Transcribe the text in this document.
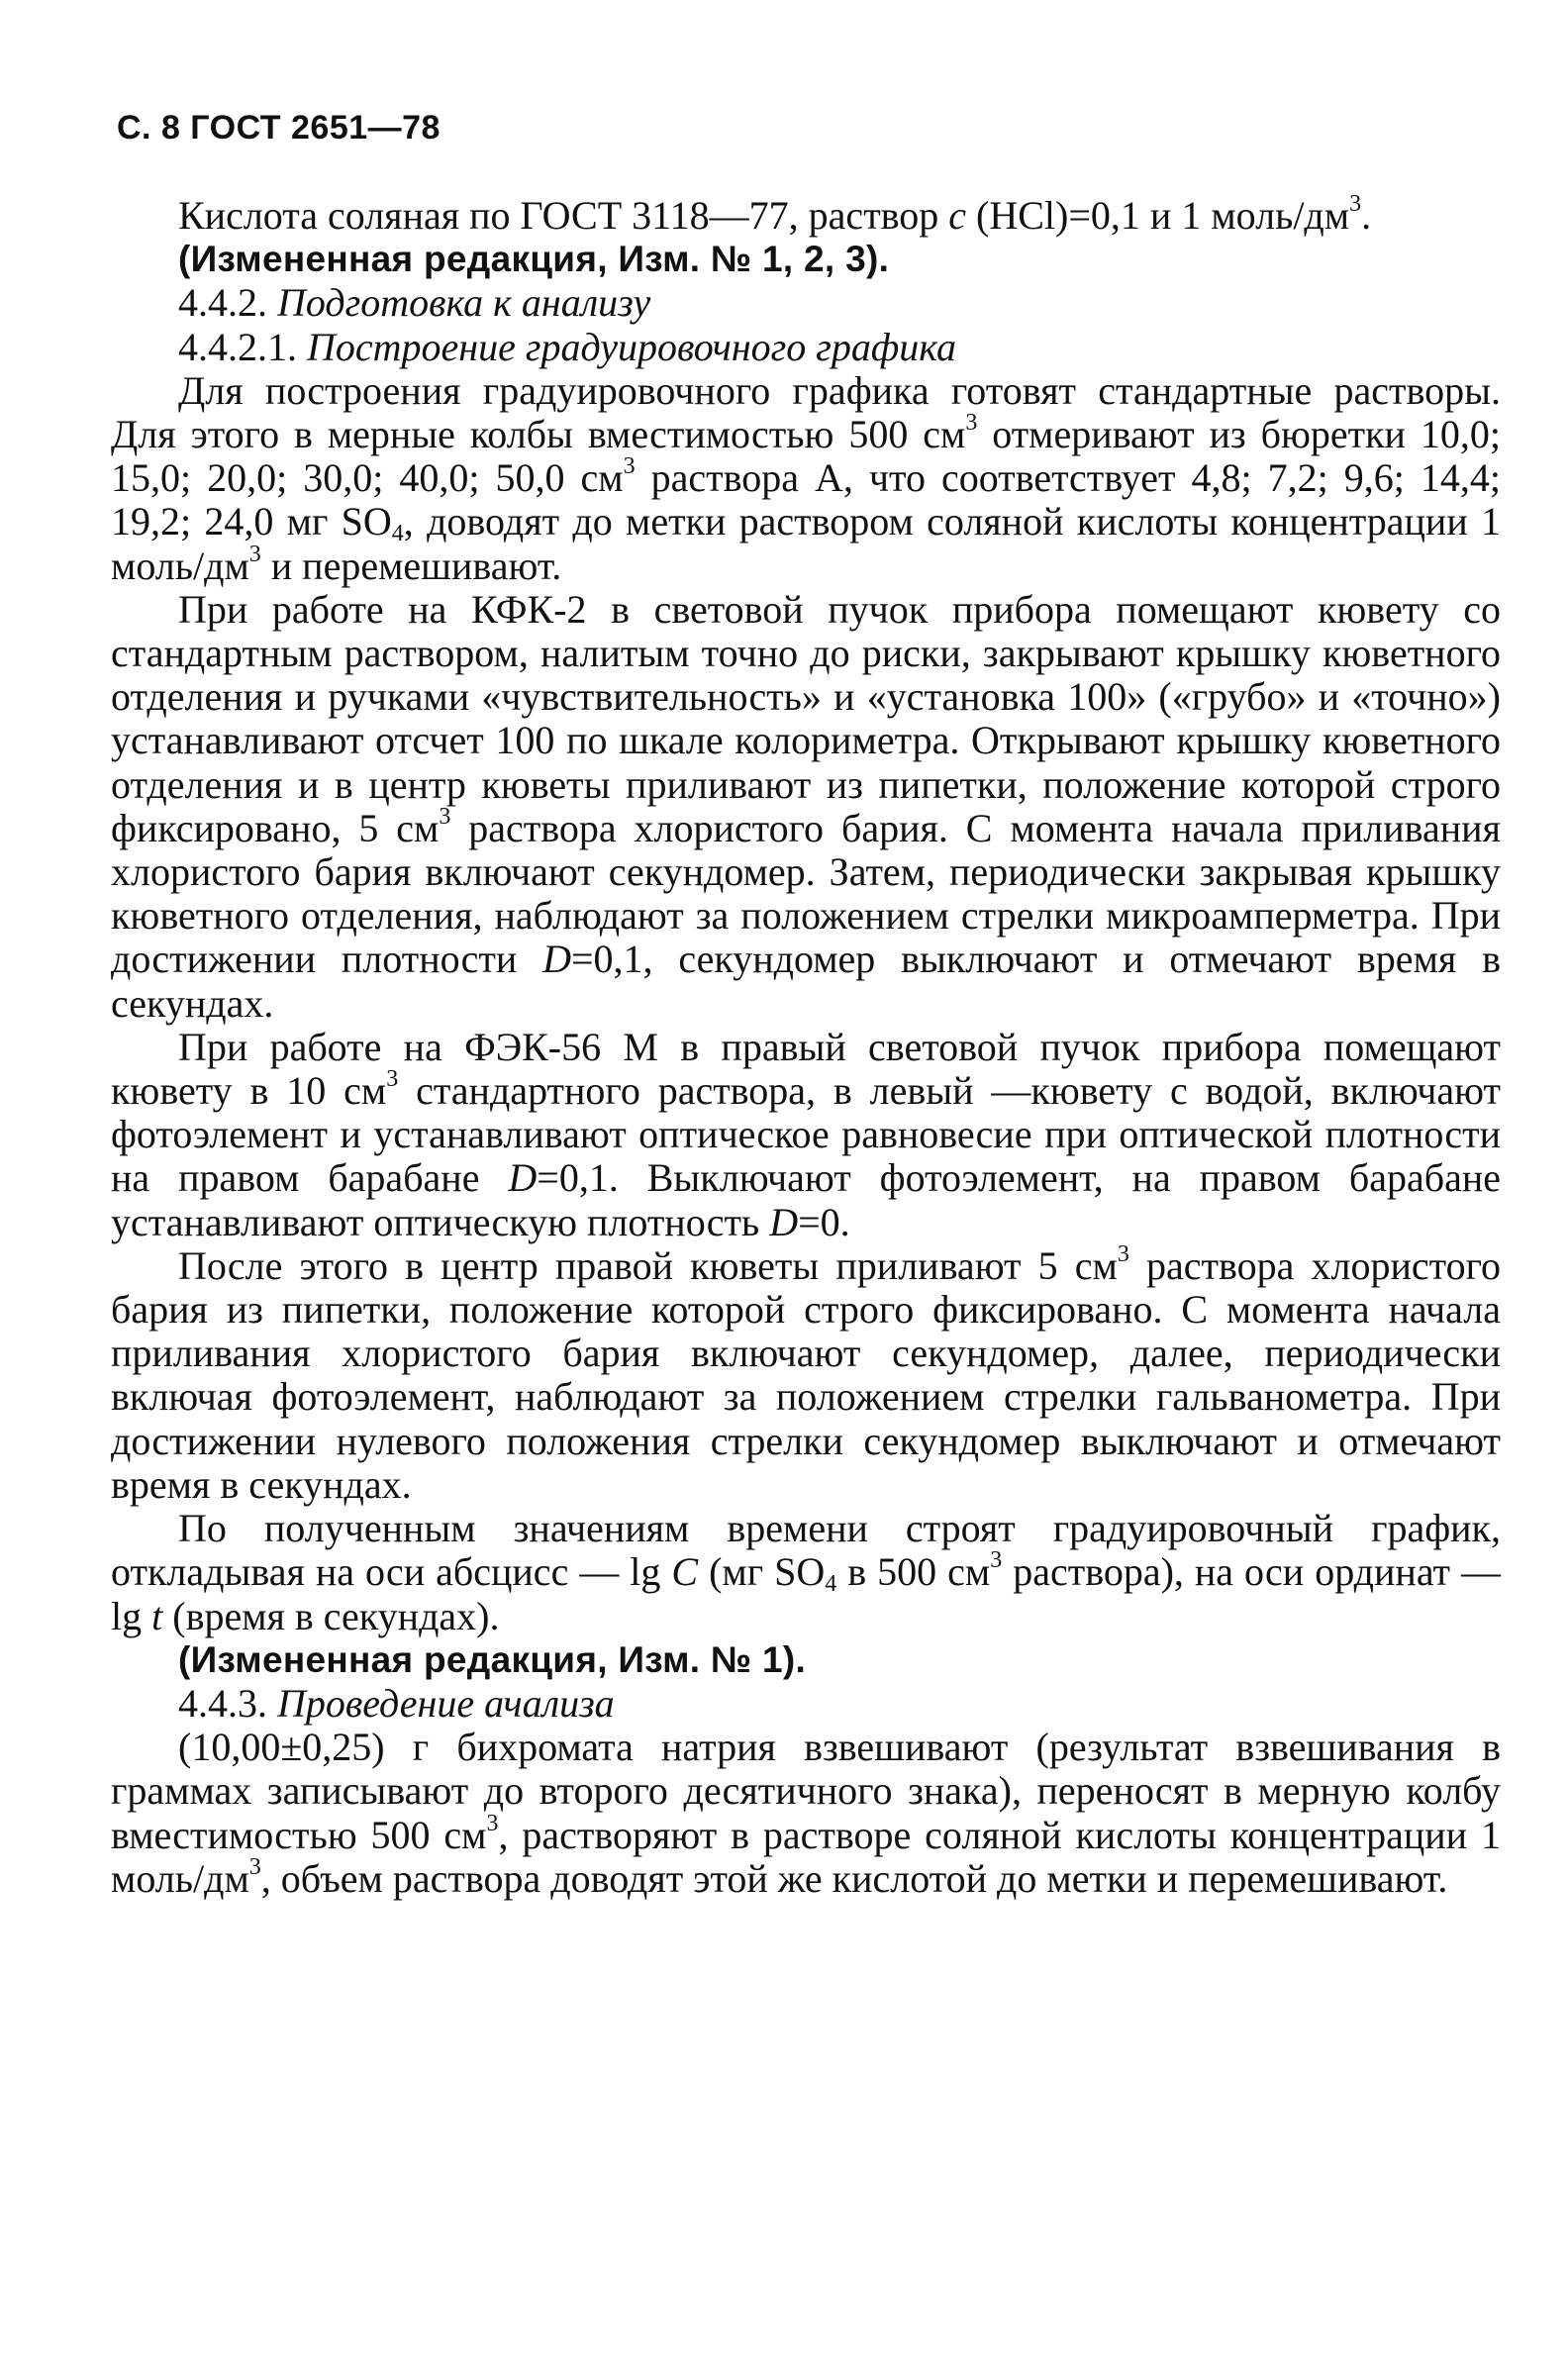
С. 8 ГОСТ 2651—78

Кислота соляная по ГОСТ 3118—77, раствор с (НСl)=0,1 и 1 моль/$дм^3$.

(Измененная редакция, Изм. № 1, 2, 3).

4.4.2. Подготовка к анализу

4.4.2.1. Построение градуировочного графика

Для построения градуировочного графика готовят стандартные растворы. Для этого в мерные колбы вместимостью 500 $см^3$ отмеривают из бюретки 10,0; 15,0; 20,0; 30,0; 40,0; 50,0 $см^3$ раствора А, что соответствует 4,8; 7,2; 9,6; 14,4; 19,2; 24,0 мг $SO_4$, доводят до метки раствором соляной кислоты концентрации 1 моль/$дм^3$ и перемешивают.

При работе на КФК-2 в световой пучок прибора помещают кювету со стандартным раствором, налитым точно до риски, закрывают крышку кюветного отделения и ручками «чувствительность» и «установка 100» («грубо» и «точно») устанавливают отсчет 100 по шкале колориметра. Открывают крышку кюветного отделения и в центр кюветы приливают из пипетки, положение которой строго фиксировано, 5 $см^3$ раствора хлористого бария. С момента начала приливания хлористого бария включают секундомер. Затем, периодически закрывая крышку кюветного отделения, наблюдают за положением стрелки микроамперметра. При достижении плотности D=0,1, секундомер выключают и отмечают время в секундах.

При работе на ФЭК-56 М в правый световой пучок прибора помещают кювету в 10 $см^3$ стандартного раствора, в левый —кювету с водой, включают фотоэлемент и устанавливают оптическое равновесие при оптической плотности на правом барабане D=0,1. Выключают фотоэлемент, на правом барабане устанавливают оптическую плотность D=0.

После этого в центр правой кюветы приливают 5 $см^3$ раствора хлористого бария из пипетки, положение которой строго фиксировано. С момента начала приливания хлористого бария включают секундомер, далее, периодически включая фотоэлемент, наблюдают за положением стрелки гальванометра. При достижении нулевого положения стрелки секундомер выключают и отмечают время в секундах.

По полученным значениям времени строят градуировочный график, откладывая на оси абсцисс — lg C (мг $SO_4$ в 500 $см^3$ раствора), на оси ординат — lg t (время в секундах).

(Измененная редакция, Изм. № 1).

4.4.3. Проведение ачализа

(10,00±0,25) г бихромата натрия взвешивают (результат взвешивания в граммах записывают до второго десятичного знака), переносят в мерную колбу вместимостью 500 $см^3$, растворяют в растворе соляной кислоты концентрации 1 моль/$дм^3$, объем раствора доводят этой же кислотой до метки и перемешивают.
